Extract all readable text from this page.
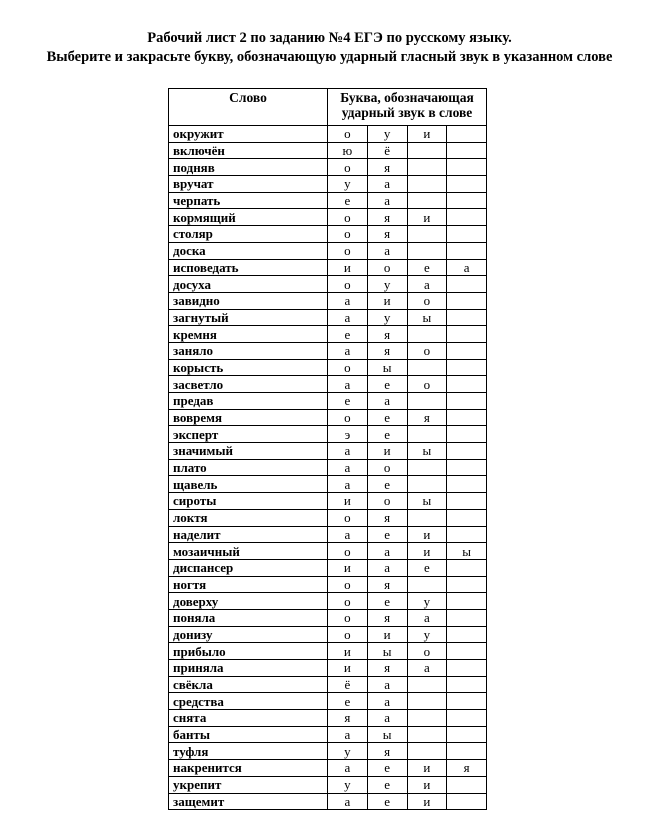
Рабочий лист 2 по заданию №4 ЕГЭ по русскому языку.
Выберите и закрасьте букву, обозначающую ударный гласный звук в указанном слове
Слово	Буква, обозначающая ударный звук в слове			
окружит	о	у	и	
включён	ю	ё		
подняв	о	я		
вручат	у	а		
черпать	е	а		
кормящий	о	я	и	
столяр	о	я		
доска	о	а		
исповедать	и	о	е	а
досуха	о	у	а	
завидно	а	и	о	
загнутый	а	у	ы	
кремня	е	я		
заняло	а	я	о	
корысть	о	ы		
засветло	а	е	о	
предав	е	а		
вовремя	о	е	я	
эксперт	э	е		
значимый	а	и	ы	
плато	а	о		
щавель	а	е		
сироты	и	о	ы	
локтя	о	я		
наделит	а	е	и	
мозаичный	о	а	и	ы
диспансер	и	а	е	
ногтя	о	я		
доверху	о	е	у	
поняла	о	я	а	
донизу	о	и	у	
прибыло	и	ы	о	
приняла	и	я	а	
свёкла	ё	а		
средства	е	а		
снята	я	а		
банты	а	ы		
туфля	у	я		
накренится	а	е	и	я
укрепит	у	е	и	
защемит	а	е	и	
